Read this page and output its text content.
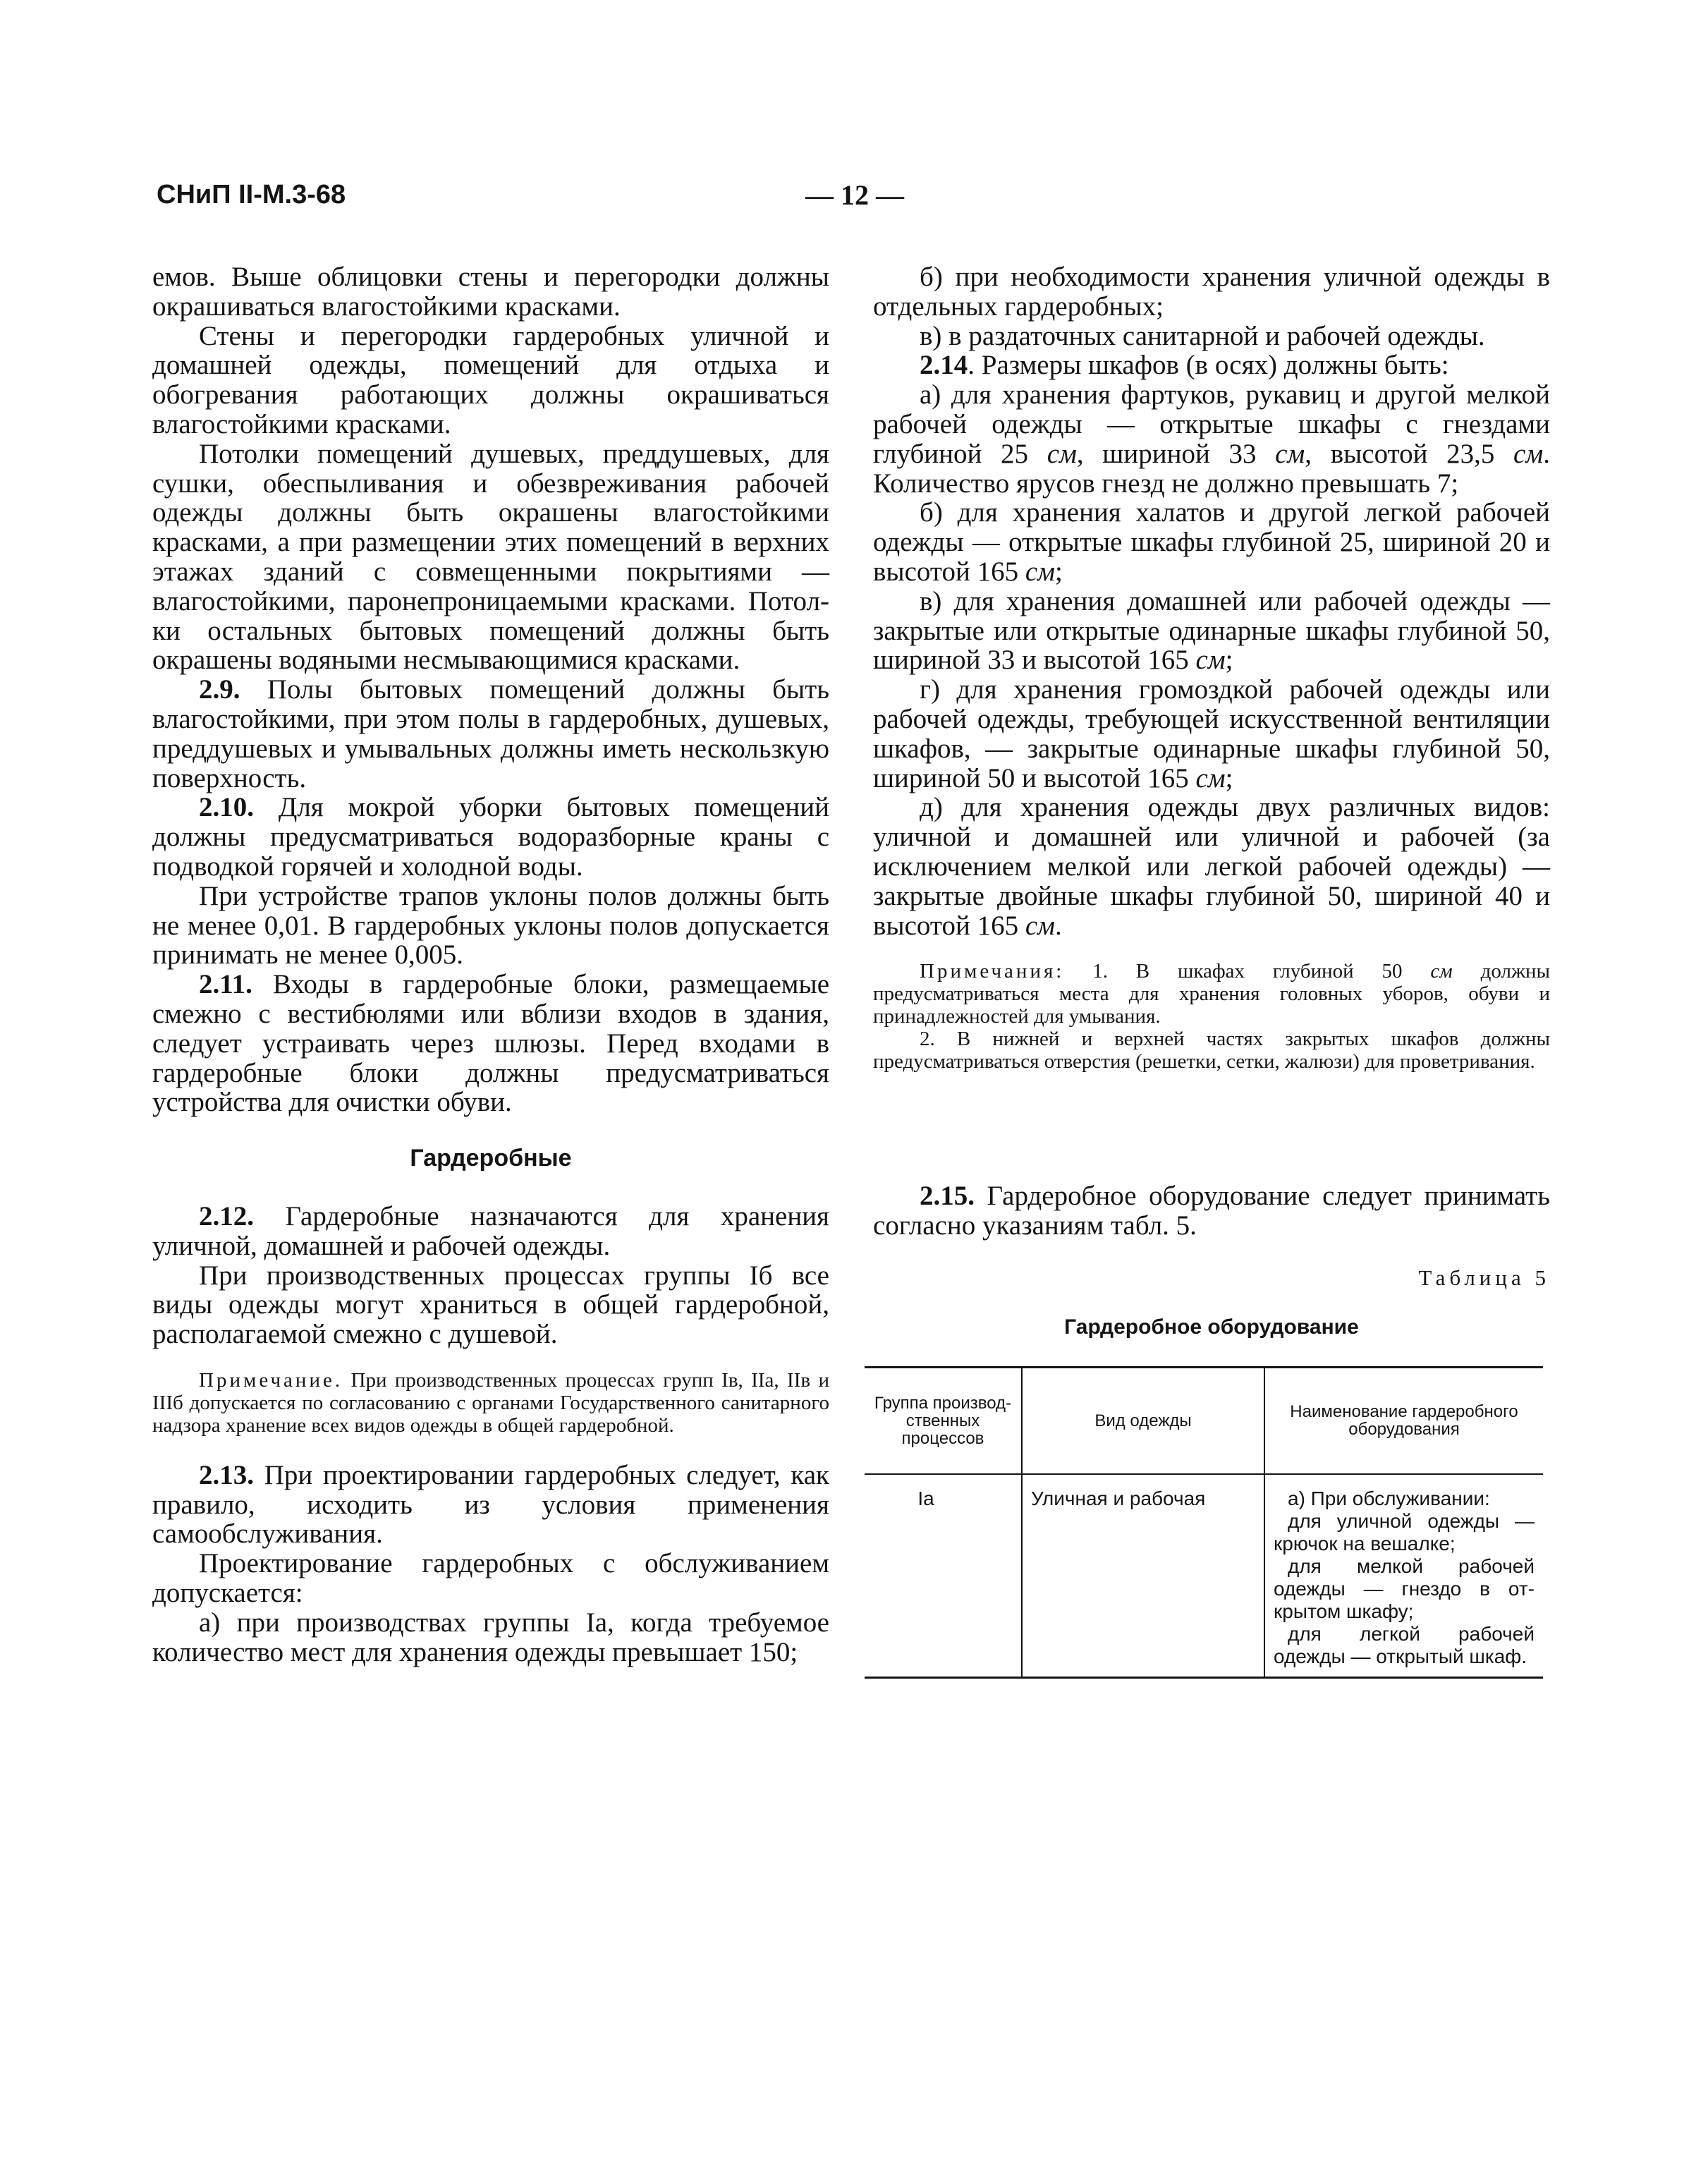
СНиП II-М.3-68	— 12 —

емов. Выше облицовки стены и перегородки должны окрашиваться влагостойкими красками.

Стены и перегородки гардеробных уличной и домашней одежды, помещений для отдыха и обогревания работающих должны окрашиваться влагостойкими красками.

Потолки помещений душевых, преддушевых, для сушки, обеспыливания и обезвреживания рабочей одежды должны быть окрашены влагостойкими красками, а при размещении этих помещений в верхних этажах зданий с совмещенными покрытиями — влагостойкими, паронепроницаемыми красками. Потолки остальных бытовых помещений должны быть окрашены водяными несмывающимися красками.

2.9. Полы бытовых помещений должны быть влагостойкими, при этом полы в гардеробных, душевых, преддушевых и умывальных должны иметь нескользкую поверхность.

2.10. Для мокрой уборки бытовых помещений должны предусматриваться водоразборные краны с подводкой горячей и холодной воды.

При устройстве трапов уклоны полов должны быть не менее 0,01. В гардеробных уклоны полов допускается принимать не менее 0,005.

2.11. Входы в гардеробные блоки, размещаемые смежно с вестибюлями или вблизи входов в здания, следует устраивать через шлюзы. Перед входами в гардеробные блоки должны предусматриваться устройства для очистки обуви.

Гардеробные

2.12. Гардеробные назначаются для хранения уличной, домашней и рабочей одежды.

При производственных процессах группы Iб все виды одежды могут храниться в общей гардеробной, располагаемой смежно с душевой.

Примечание. При производственных процессах групп Iв, IIа, IIв и IIIб допускается по согласованию с органами Государственного санитарного надзора хранение всех видов одежды в общей гардеробной.

2.13. При проектировании гардеробных следует, как правило, исходить из условия применения самообслуживания.

Проектирование гардеробных с обслуживанием допускается:

а) при производствах группы Iа, когда требуемое количество мест для хранения одежды превышает 150;

б) при необходимости хранения уличной одежды в отдельных гардеробных;

в) в раздаточных санитарной и рабочей одежды.

2.14. Размеры шкафов (в осях) должны быть:

а) для хранения фартуков, рукавиц и другой мелкой рабочей одежды — открытые шкафы с гнездами глубиной 25 см, шириной 33 см, высотой 23,5 см. Количество ярусов гнезд не должно превышать 7;

б) для хранения халатов и другой легкой рабочей одежды — открытые шкафы глубиной 25, шириной 20 и высотой 165 см;

в) для хранения домашней или рабочей одежды — закрытые или открытые одинарные шкафы глубиной 50, шириной 33 и высотой 165 см;

г) для хранения громоздкой рабочей одежды или рабочей одежды, требующей искусственной вентиляции шкафов, — закрытые одинарные шкафы глубиной 50, шириной 50 и высотой 165 см;

д) для хранения одежды двух различных видов: уличной и домашней или уличной и рабочей (за исключением мелкой или легкой рабочей одежды) — закрытые двойные шкафы глубиной 50, шириной 40 и высотой 165 см.

Примечания: 1. В шкафах глубиной 50 см должны предусматриваться места для хранения головных уборов, обуви и принадлежностей для умывания.

2. В нижней и верхней частях закрытых шкафов должны предусматриваться отверстия (решетки, сетки, жалюзи) для проветривания.

2.15. Гардеробное оборудование следует принимать согласно указаниям табл. 5.

Таблица 5
Гардеробное оборудование
Группа производственных процессов	Вид одежды	Наименование гардеробного оборудования
Iа	Уличная и рабочая	а) При обслуживании:

для уличной одежды — крючок на вешалке;

для мелкой рабочей одежды — гнездо в открытом шкафу;

для легкой рабочей одежды — открытый шкаф.
